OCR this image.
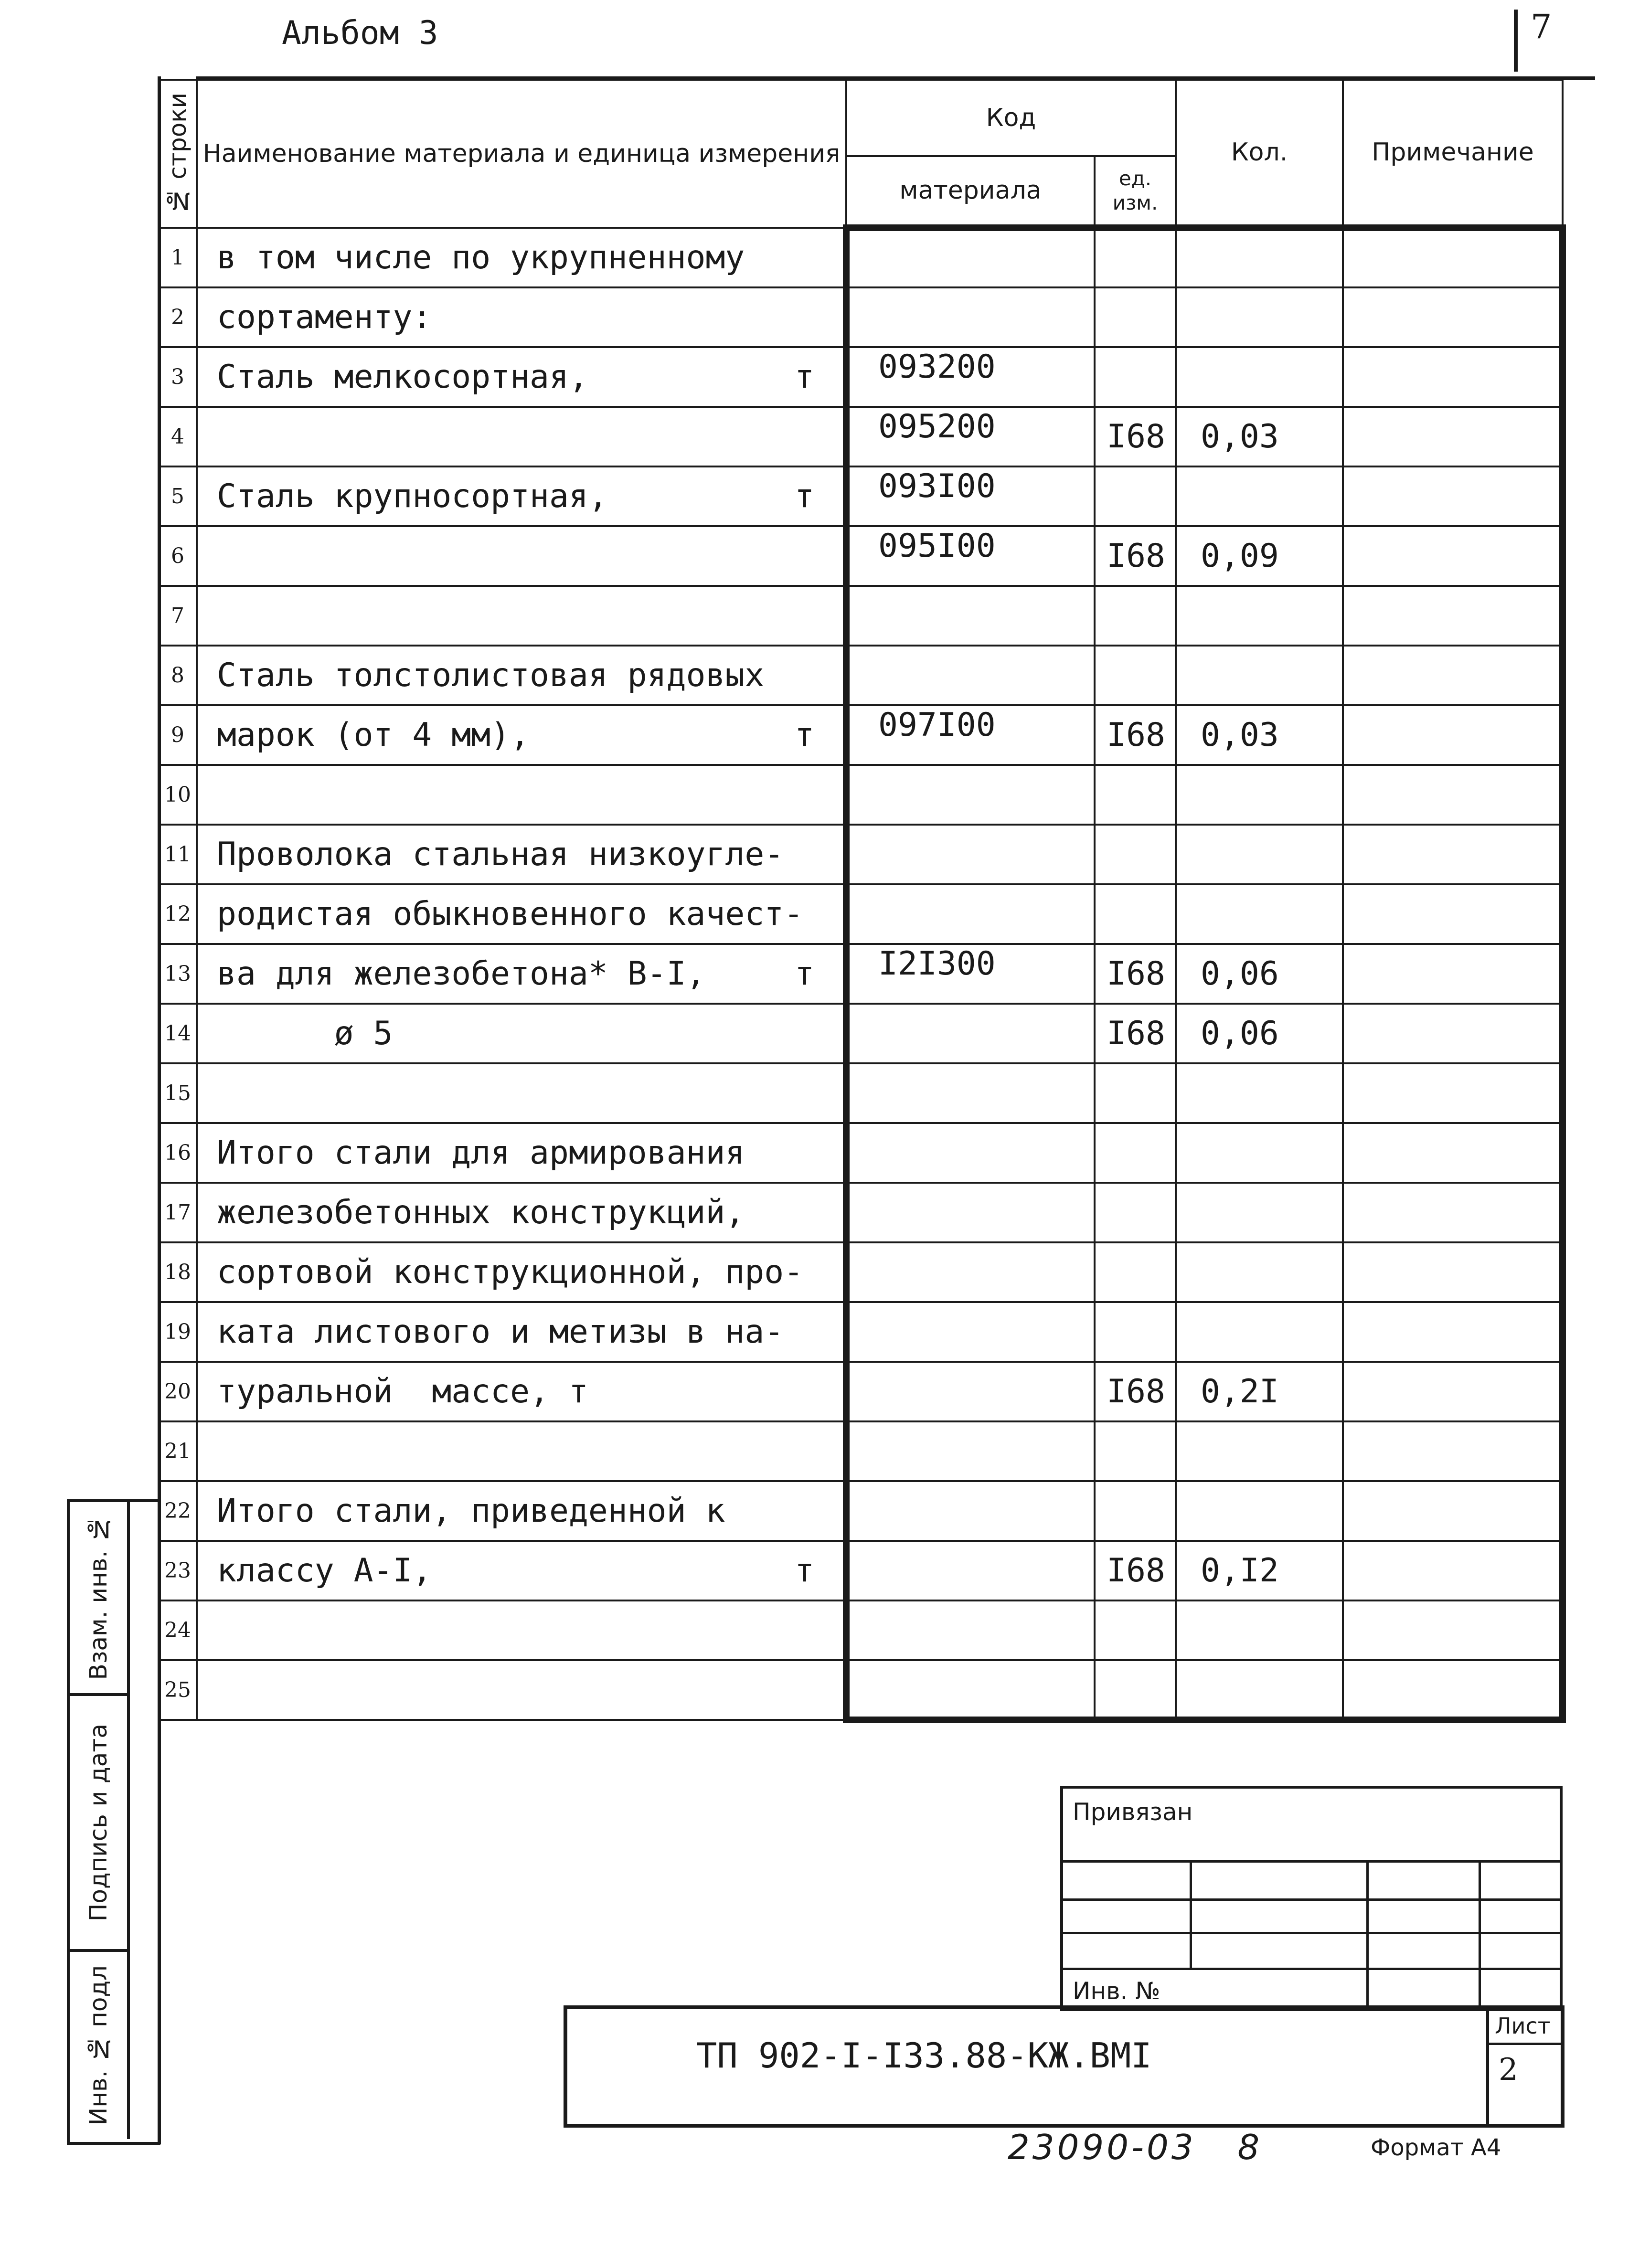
Альбом 3	7
№ строки	Наименование материала и единица измерения	Код		Кол.	Примечание
		материала	ед. изм.		
1	в том числе по укрупненному

2	сортаменту:

3	Сталь мелкосортная, т	093200			
4		095200	I68	0,03	
5	Сталь крупносортная, т	093I00			
6		095I00	I68	0,09	
7	

8	Сталь толстолистовая рядовых

9	марок (от 4 мм), т	097I00	I68	0,03	
10	

11	Проволока стальная низкоугле-

12	родистая обыкновенного качест-

13	ва для железобетона* B-I, т	I2I300	I68	0,06	
14	ø 5		I68	0,06	
15	

16	Итого стали для армирования

17	железобетонных конструкций,

18	сортовой конструкционной, про-

19	ката листового и метизы в на-

20	туральной  массе, т		I68	0,2I	
21	

22	Итого стали, приведенной к

23	классу А-I, т		I68	0,I2	
24	

25	

Взам. инв. №
Подпись и дата
Инв. № подл
Привязан
Инв. №
ТП 902-I-I33.88-КЖ.ВМI
Лист
2
23090-03 8	Формат А4
